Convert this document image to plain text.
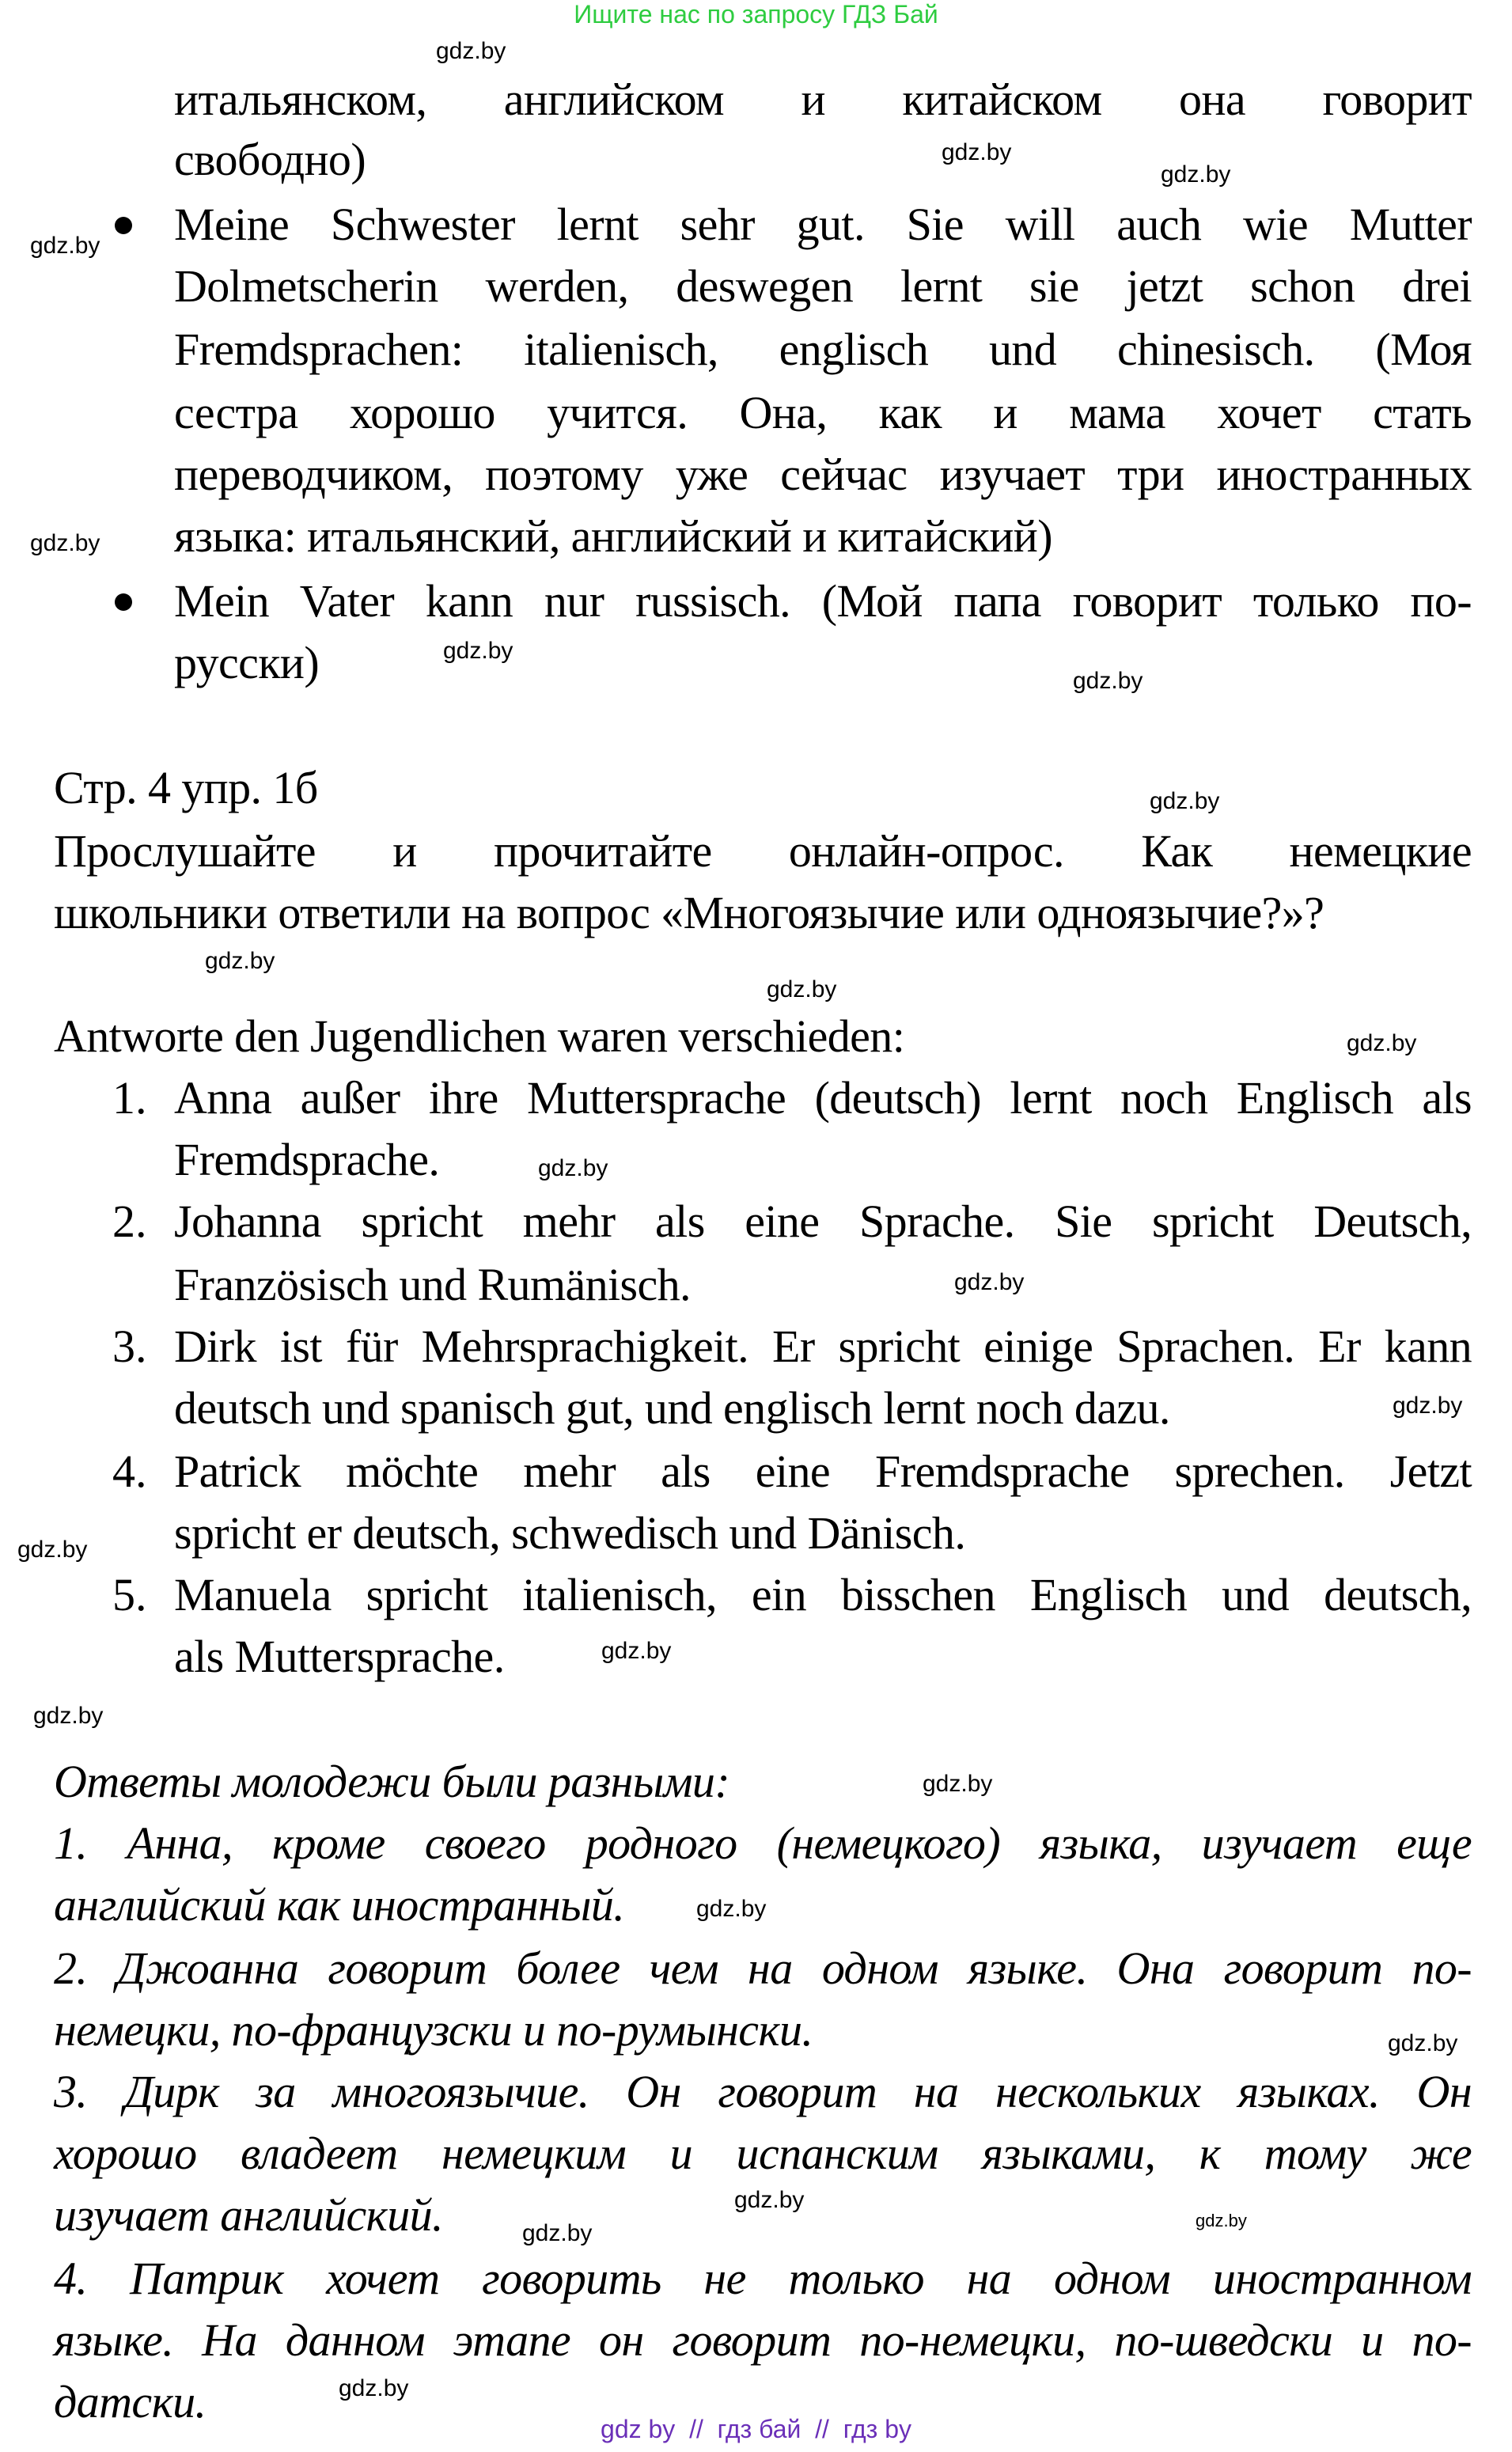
Ищите нас по запросу ГДЗ Бай
итальянском, английском и китайском она говорит
свободно)
Meine Schwester lernt sehr gut. Sie will auch wie Mutter
Dolmetscherin werden, deswegen lernt sie jetzt schon drei
Fremdsprachen: italienisch, englisch und chinesisch. (Моя
сестра хорошо учится. Она, как и мама хочет стать
переводчиком, поэтому уже сейчас изучает три иностранных
языка: итальянский, английский и китайский)
Mein Vater kann nur russisch. (Мой папа говорит только по-
русски)
Стр. 4 упр. 1б
Прослушайте и прочитайте онлайн-опрос. Как немецкие
школьники ответили на вопрос «Многоязычие или одноязычие?»?
Antworte den Jugendlichen waren verschieden:
1. Anna außer ihre Muttersprache (deutsch) lernt noch Englisch als
Fremdsprache.
2. Johanna spricht mehr als eine Sprache. Sie spricht Deutsch,
Französisch und Rumänisch.
3. Dirk ist für Mehrsprachigkeit. Er spricht einige Sprachen. Er kann
deutsch und spanisch gut, und englisch lernt noch dazu.
4. Patrick möchte mehr als eine Fremdsprache sprechen. Jetzt
spricht er deutsch, schwedisch und Dänisch.
5. Manuela spricht italienisch, ein bisschen Englisch und deutsch,
als Muttersprache.
Ответы молодежи были разными:
1. Анна, кроме своего родного (немецкого) языка, изучает еще
английский как иностранный.
2. Джоанна говорит более чем на одном языке. Она говорит по-
немецки, по-французски и по-румынски.
3. Дирк за многоязычие. Он говорит на нескольких языках. Он
хорошо владеет немецким и испанским языками, к тому же
изучает английский.
4. Патрик хочет говорить не только на одном иностранном
языке. На данном этапе он говорит по-немецки, по-шведски и по-
датски.
gdz.by
gdz.by
gdz.by
gdz.by
gdz.by
gdz.by
gdz.by
gdz.by
gdz.by
gdz.by
gdz.by
gdz.by
gdz.by
gdz.by
gdz.by
gdz.by
gdz.by
gdz.by
gdz.by
gdz.by
gdz.by
gdz.by
gdz.by
gdz.by
gdz by  //  гдз бай  //  гдз by
